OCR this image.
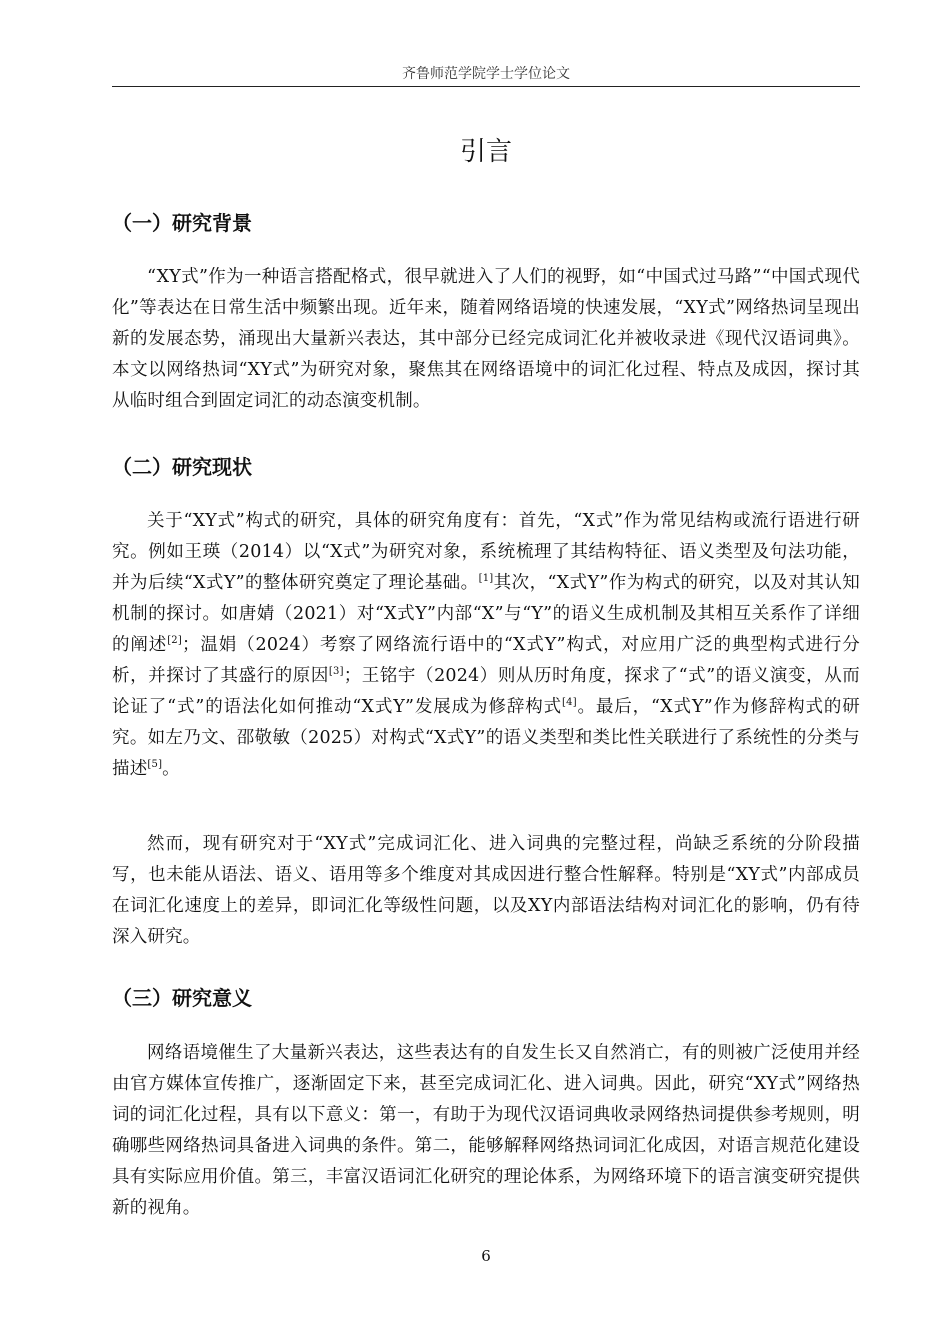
齐鲁师范学院学士学位论文
引言
（一）研究背景

“XY式”作为一种语言搭配格式，很早就进入了人们的视野，如“中国式过马路”“中国式现代化”等表达在日常生活中频繁出现。近年来，随着网络语境的快速发展，“XY式”网络热词呈现出新的发展态势，涌现出大量新兴表达，其中部分已经完成词汇化并被收录进《现代汉语词典》。本文以网络热词“XY式”为研究对象，聚焦其在网络语境中的词汇化过程、特点及成因，探讨其从临时组合到固定词汇的动态演变机制。

（二）研究现状

关于“XY式”构式的研究，具体的研究角度有：首先，“X式”作为常见结构或流行语进行研究。例如王瑛（2014）以“X式”为研究对象，系统梳理了其结构特征、语义类型及句法功能，并为后续“X式Y”的整体研究奠定了理论基础。[1]其次，“X式Y”作为构式的研究，以及对其认知机制的探讨。如唐婧（2021）对“X式Y”内部“X”与“Y”的语义生成机制及其相互关系作了详细的阐述[2]；温娟（2024）考察了网络流行语中的“X式Y”构式，对应用广泛的典型构式进行分析，并探讨了其盛行的原因[3]；王铭宇（2024）则从历时角度，探求了“式”的语义演变，从而论证了“式”的语法化如何推动“X式Y”发展成为修辞构式[4]。最后，“X式Y”作为修辞构式的研究。如左乃文、邵敬敏（2025）对构式“X式Y”的语义类型和类比性关联进行了系统性的分类与描述[5]。

然而，现有研究对于“XY式”完成词汇化、进入词典的完整过程，尚缺乏系统的分阶段描写，也未能从语法、语义、语用等多个维度对其成因进行整合性解释。特别是“XY式”内部成员在词汇化速度上的差异，即词汇化等级性问题，以及XY内部语法结构对词汇化的影响，仍有待深入研究。

（三）研究意义

网络语境催生了大量新兴表达，这些表达有的自发生长又自然消亡，有的则被广泛使用并经由官方媒体宣传推广，逐渐固定下来，甚至完成词汇化、进入词典。因此，研究“XY式”网络热词的词汇化过程，具有以下意义：第一，有助于为现代汉语词典收录网络热词提供参考规则，明确哪些网络热词具备进入词典的条件。第二，能够解释网络热词词汇化成因，对语言规范化建设具有实际应用价值。第三，丰富汉语词汇化研究的理论体系，为网络环境下的语言演变研究提供新的视角。

6
